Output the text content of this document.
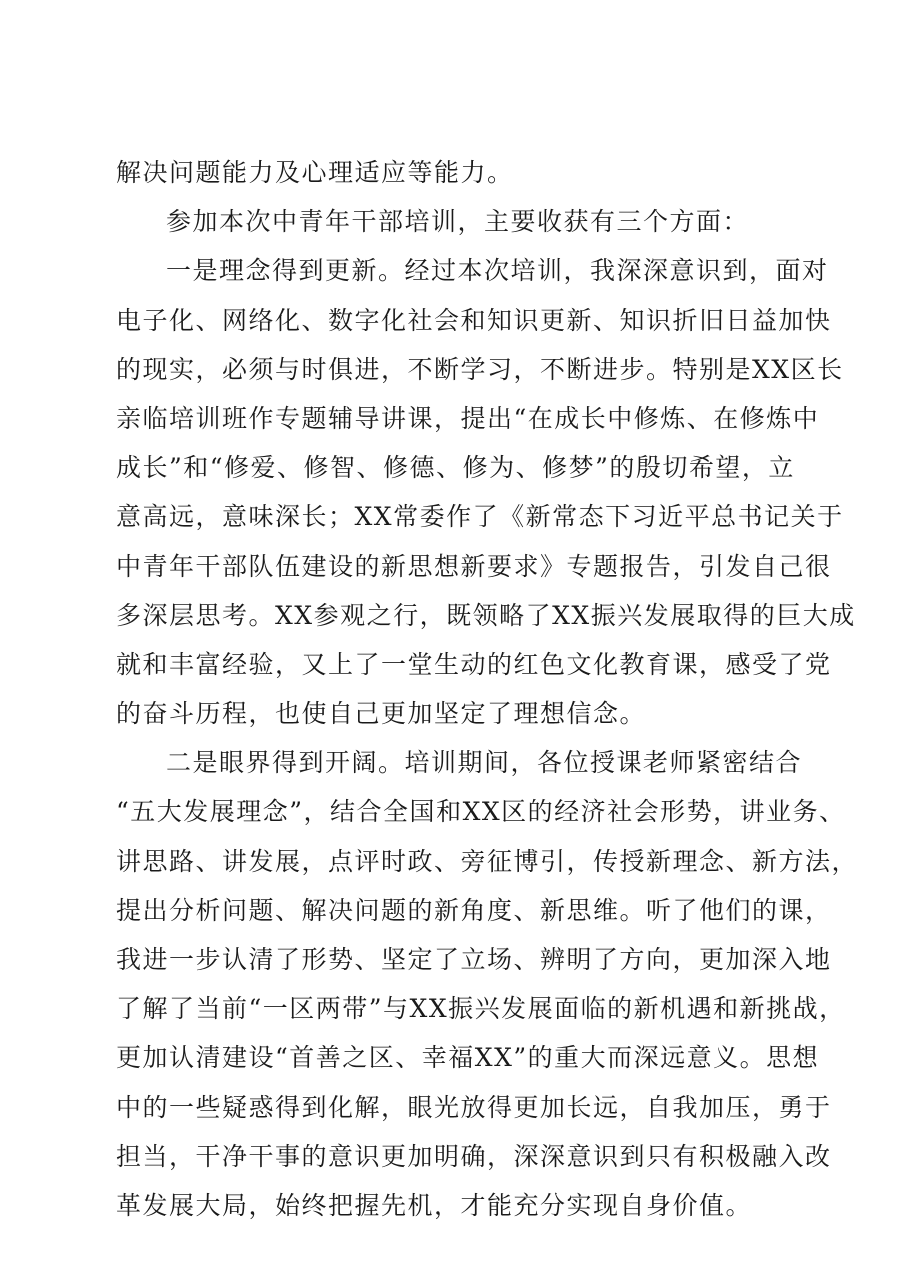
解决问题能力及心理适应等能力。
参加本次中青年干部培训，主要收获有三个方面：
一是理念得到更新。经过本次培训，我深深意识到，面对
电子化、网络化、数字化社会和知识更新、知识折旧日益加快
的现实，必须与时俱进，不断学习，不断进步。特别是XX区长
亲临培训班作专题辅导讲课，提出“在成长中修炼、在修炼中
成长”和“修爱、修智、修德、修为、修梦”的殷切希望，立
意高远，意味深长；XX常委作了《新常态下习近平总书记关于
中青年干部队伍建设的新思想新要求》专题报告，引发自己很
多深层思考。XX参观之行，既领略了XX振兴发展取得的巨大成
就和丰富经验，又上了一堂生动的红色文化教育课，感受了党
的奋斗历程，也使自己更加坚定了理想信念。
二是眼界得到开阔。培训期间，各位授课老师紧密结合
“五大发展理念”，结合全国和XX区的经济社会形势，讲业务、
讲思路、讲发展，点评时政、旁征博引，传授新理念、新方法，
提出分析问题、解决问题的新角度、新思维。听了他们的课，
我进一步认清了形势、坚定了立场、辨明了方向，更加深入地
了解了当前“一区两带”与XX振兴发展面临的新机遇和新挑战，
更加认清建设“首善之区、幸福XX”的重大而深远意义。思想
中的一些疑惑得到化解，眼光放得更加长远，自我加压，勇于
担当，干净干事的意识更加明确，深深意识到只有积极融入改
革发展大局，始终把握先机，才能充分实现自身价值。
